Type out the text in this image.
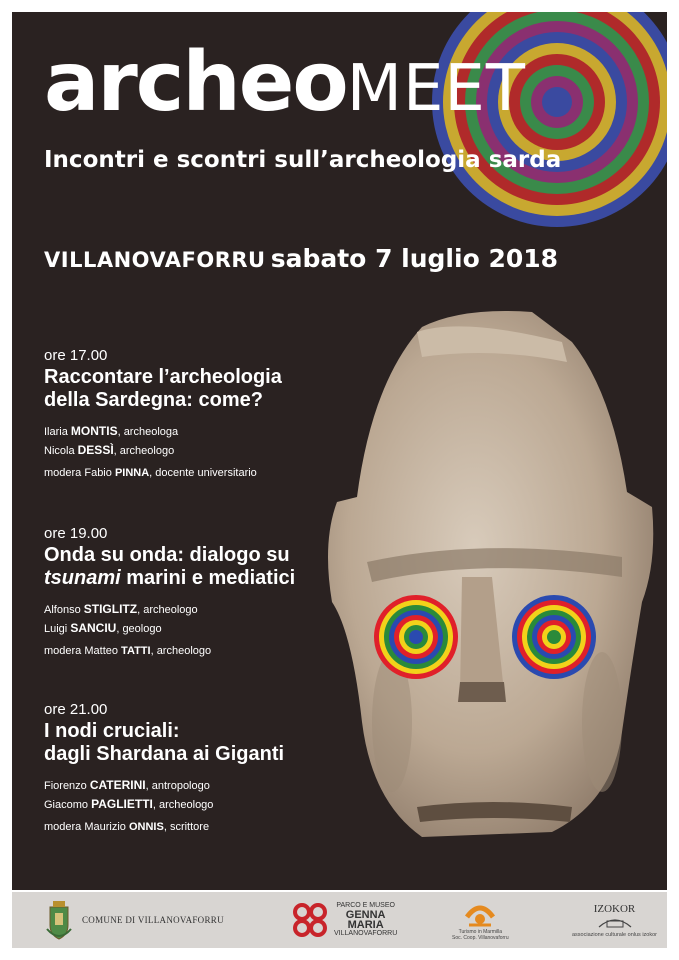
archeoMEET
Incontri e scontri sull’archeologia sarda
VILLANOVAFORRU sabato 7 luglio 2018
ore 17.00
Raccontare l’archeologia
della Sardegna: come?
Ilaria MONTIS, archeologa
Nicola DESSÌ, archeologo
modera Fabio PINNA, docente universitario
ore 19.00
Onda su onda: dialogo su
tsunami marini e mediatici
Alfonso STIGLITZ, archeologo
Luigi SANCIU, geologo
modera Matteo TATTI, archeologo
ore 21.00
I nodi cruciali:
dagli Shardana ai Giganti
Fiorenzo CATERINI, antropologo
Giacomo PAGLIETTI, archeologo
modera Maurizio ONNIS, scrittore
COMUNE DI VILLANOVAFORRU
PARCO E MUSEO
GENNA
MARIA
VILLANOVAFORRU	Turismo in Marmilla
Soc. Coop. Villanovaforru
IZOKOR
associazione culturale onlus izokor
